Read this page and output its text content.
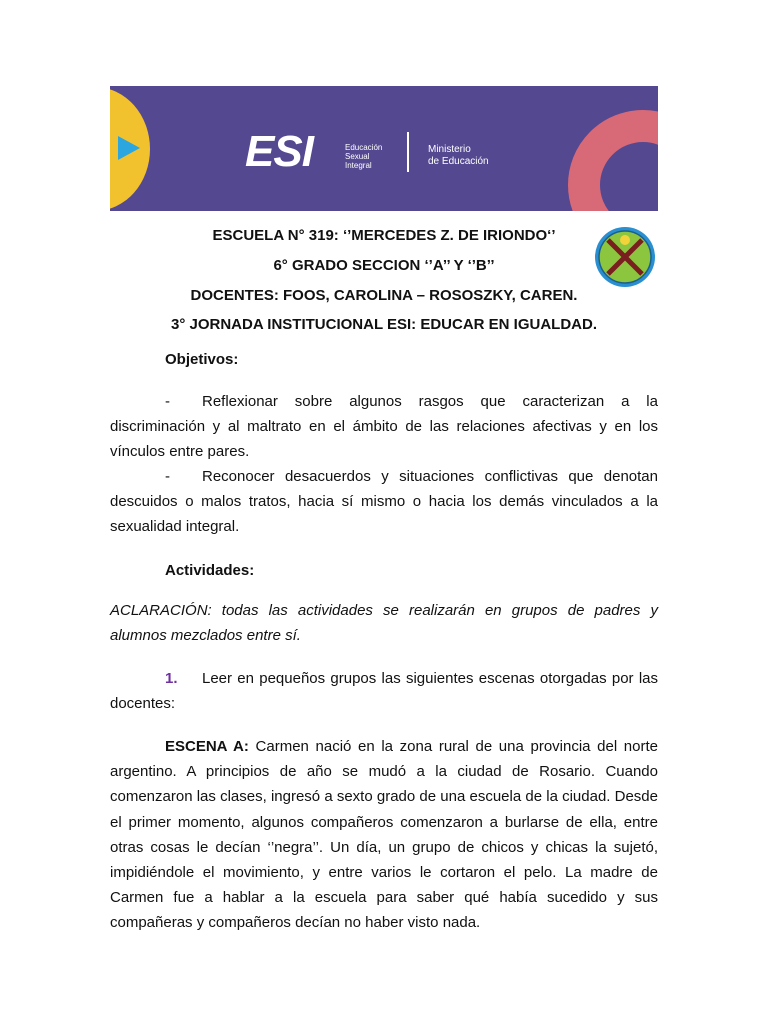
ESI	Educación
Sexual
Integral
Ministerio
de Educación
ESCUELA N° 319: ‘’MERCEDES Z. DE IRIONDO‘’
6° GRADO SECCION ‘’A’’ Y ‘’B’’
DOCENTES: FOOS, CAROLINA – ROSOSZKY, CAREN.
3° JORNADA INSTITUCIONAL ESI: EDUCAR EN IGUALDAD.
Objetivos:
- Reflexionar sobre algunos rasgos que caracterizan a la discriminación y al maltrato en el ámbito de las relaciones afectivas y en los vínculos entre pares.
- Reconocer desacuerdos y situaciones conflictivas que denotan descuidos o malos tratos, hacia sí mismo o hacia los demás vinculados a la sexualidad integral.
Actividades:
ACLARACIÓN: todas las actividades se realizarán en grupos de padres y alumnos mezclados entre sí.
1. Leer en pequeños grupos las siguientes escenas otorgadas por las docentes:
ESCENA A: Carmen nació en la zona rural de una provincia del norte argentino. A principios de año se mudó a la ciudad de Rosario. Cuando comenzaron las clases, ingresó a sexto grado de una escuela de la ciudad. Desde el primer momento, algunos compañeros comenzaron a burlarse de ella, entre otras cosas le decían ‘’negra’’. Un día, un grupo de chicos y chicas la sujetó, impidiéndole el movimiento, y entre varios le cortaron el pelo. La madre de Carmen fue a hablar a la escuela para saber qué había sucedido y sus compañeras y compañeros decían no haber visto nada.
